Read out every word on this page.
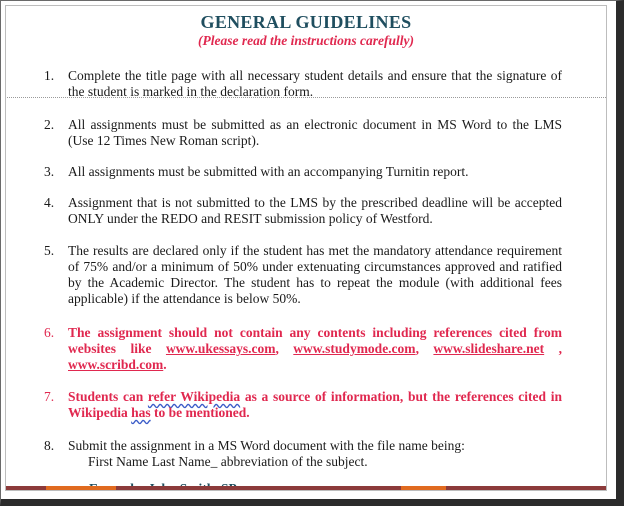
GENERAL GUIDELINES
(Please read the instructions carefully)
1.	Complete the title page with all necessary student details and ensure that the signature of the student is marked in the declaration form.
2.	All assignments must be submitted as an electronic document in MS Word to the LMS (Use 12 Times New Roman script).
3.	All assignments must be submitted with an accompanying Turnitin report.
4.	Assignment that is not submitted to the LMS by the prescribed deadline will be accepted ONLY under the REDO and RESIT submission policy of Westford.
5.	The results are declared only if the student has met the mandatory attendance requirement of 75% and/or a minimum of 50% under extenuating circumstances approved and ratified by the Academic Director. The student has to repeat the module (with additional fees applicable) if the attendance is below 50%.
6.	The assignment should not contain any contents including references cited from websites like www.ukessays.com, www.studymode.com, www.slideshare.net , www.scribd.com.
7.	Students can refer Wikipedia as a source of information, but the references cited in Wikipedia has to be mentioned.
8.	Submit the assignment in a MS Word document with the file name being:
First Name Last Name_ abbreviation of the subject.
